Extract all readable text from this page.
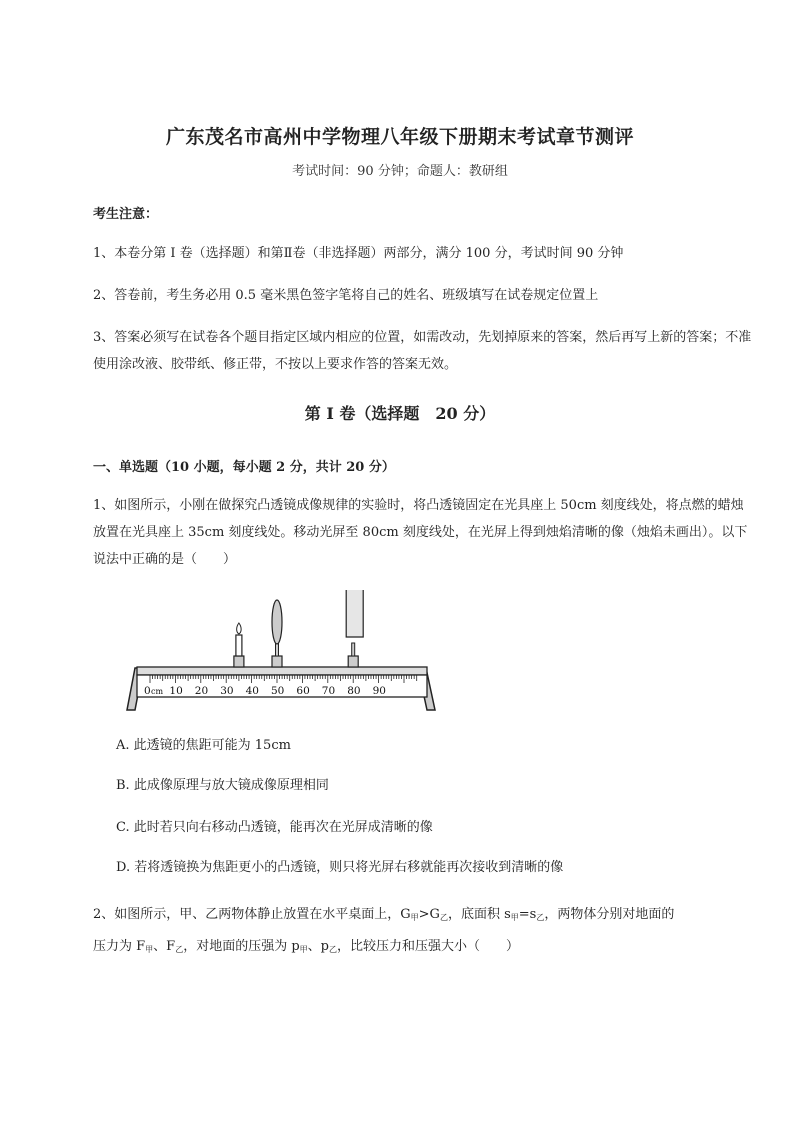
广东茂名市高州中学物理八年级下册期末考试章节测评
考试时间：90 分钟；命题人：教研组
考生注意：
1、本卷分第 I 卷（选择题）和第Ⅱ卷（非选择题）两部分，满分 100 分，考试时间 90 分钟
2、答卷前，考生务必用 0.5 毫米黑色签字笔将自己的姓名、班级填写在试卷规定位置上
3、答案必须写在试卷各个题目指定区域内相应的位置，如需改动，先划掉原来的答案，然后再写上新的答案；不准使用涂改液、胶带纸、修正带，不按以上要求作答的答案无效。
第 I 卷（选择题　20 分）
一、单选题（10 小题，每小题 2 分，共计 20 分）
1、如图所示，小刚在做探究凸透镜成像规律的实验时，将凸透镜固定在光具座上 50cm 刻度线处，将点燃的蜡烛放置在光具座上 35cm 刻度线处。移动光屏至 80cm 刻度线处，在光屏上得到烛焰清晰的像（烛焰未画出）。以下说法中正确的是（　　）
0 cm 10 20 30 40 50 60 70 80 90
A. 此透镜的焦距可能为 15cm
B. 此成像原理与放大镜成像原理相同
C. 此时若只向右移动凸透镜，能再次在光屏成清晰的像
D. 若将透镜换为焦距更小的凸透镜，则只将光屏右移就能再次接收到清晰的像
2、如图所示，甲、乙两物体静止放置在水平桌面上，$G_甲>G_乙$，底面积 $s_甲=s_乙$，两物体分别对地面的
压力为 $F_甲$、$F_乙$，对地面的压强为 $p_甲$、$p_乙$，比较压力和压强大小（　　）
